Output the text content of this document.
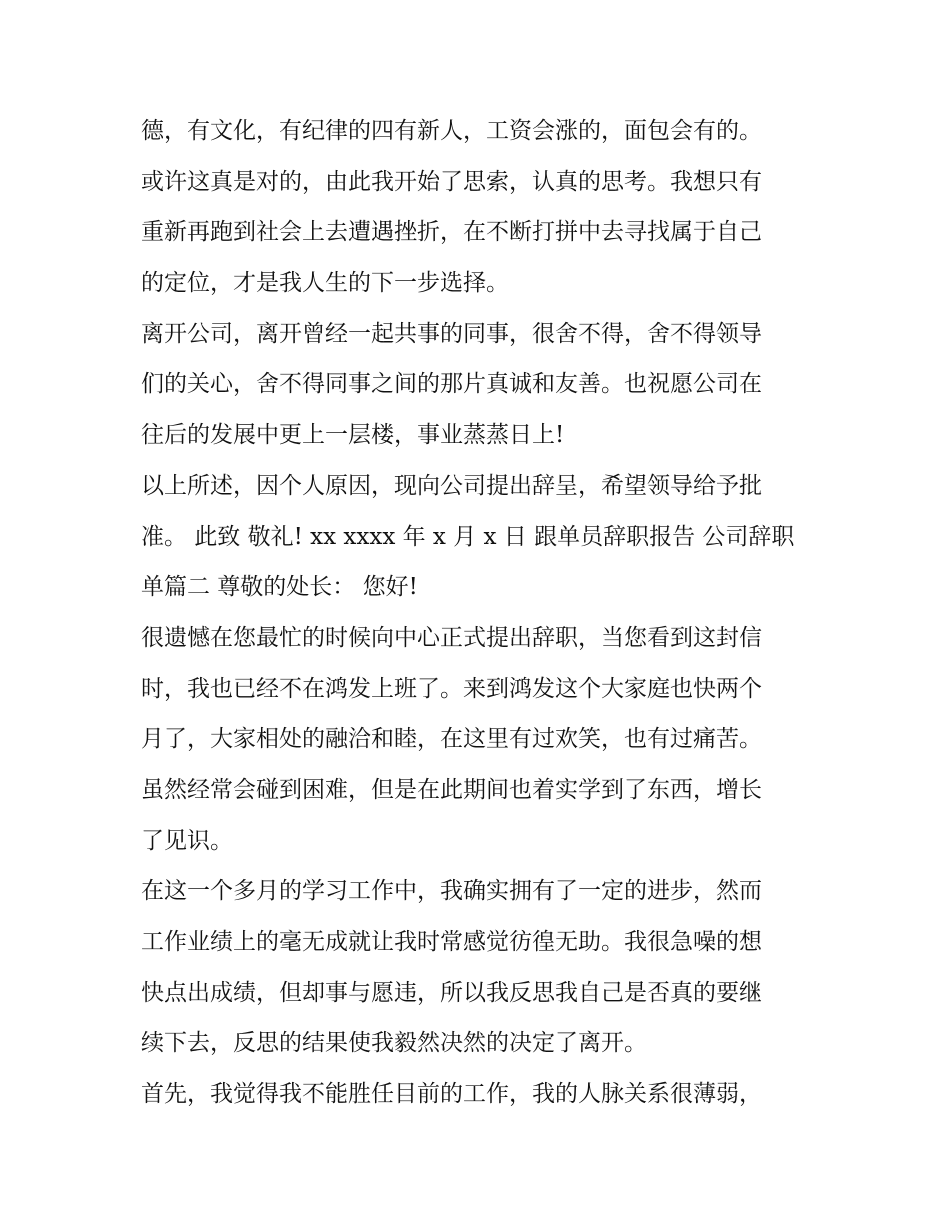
德，有文化，有纪律的四有新人，工资会涨的，面包会有的。
或许这真是对的，由此我开始了思索，认真的思考。我想只有
重新再跑到社会上去遭遇挫折，在不断打拼中去寻找属于自己
的定位，才是我人生的下一步选择。
离开公司，离开曾经一起共事的同事，很舍不得，舍不得领导
们的关心，舍不得同事之间的那片真诚和友善。也祝愿公司在
往后的发展中更上一层楼，事业蒸蒸日上!
以上所述，因个人原因，现向公司提出辞呈，希望领导给予批
准。 此致 敬礼! xx xxxx 年 x 月 x 日 跟单员辞职报告 公司辞职
单篇二 尊敬的处长： 您好!
很遗憾在您最忙的时候向中心正式提出辞职，当您看到这封信
时，我也已经不在鸿发上班了。来到鸿发这个大家庭也快两个
月了，大家相处的融洽和睦，在这里有过欢笑，也有过痛苦。
虽然经常会碰到困难，但是在此期间也着实学到了东西，增长
了见识。
在这一个多月的学习工作中，我确实拥有了一定的进步，然而
工作业绩上的毫无成就让我时常感觉彷徨无助。我很急噪的想
快点出成绩，但却事与愿违，所以我反思我自己是否真的要继
续下去，反思的结果使我毅然决然的决定了离开。
首先，我觉得我不能胜任目前的工作，我的人脉关系很薄弱，
